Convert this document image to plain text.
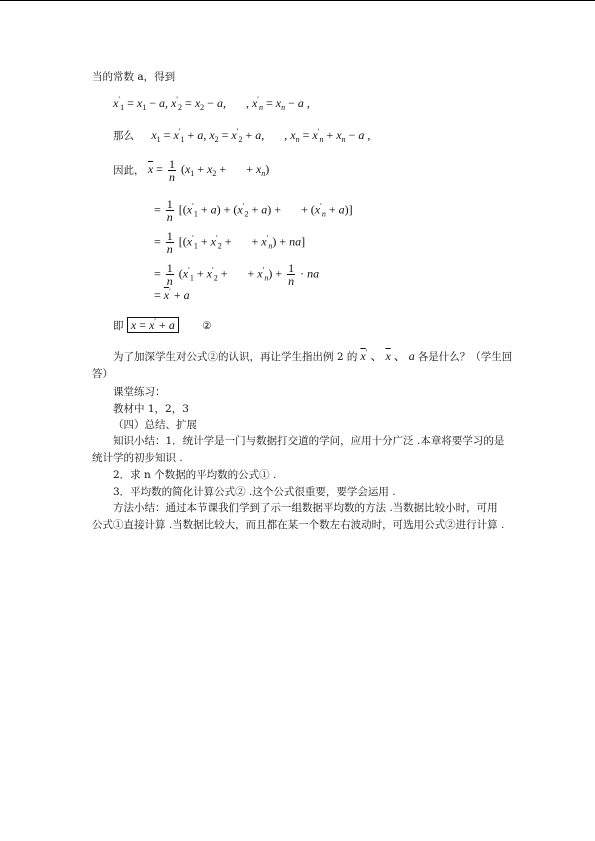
当的常数 a，得到
$x'_1 = x_1 - a$, $x'_2 = x_2 - a$, , $x'_n = x_n - a$ ,
那么 $x_1 = x'_1 + a$, $x_2 = x'_2 + a$, , $x_n = x'_n + x_n - a$ ,
因此， $\overline{x} = \frac{1}{n} (x_1 + x_2$ + + $x_n$)
= $\frac{1}{n} [(x'_1 + a) + (x'_2 + a)$ + + $(x'_n + a)$]
= $\frac{1}{n} [(x'_1 + x'_2$ + + $x'_n) + na$]
= $\frac{1}{n} (x'_1 + x'_2$ + + $x'_n) + \frac{1}{n}$ · na
= $\overline{x}' + a$
即 $\overline{x} = \overline{x}' + a$	②
为了加深学生对公式②的认识，再让学生指出例 2 的 $\overline{x}'$ 、 $\overline{x}$ 、 a 各是什么？（学生回
答）
课堂练习：
教材中 1，2，3
（四）总结、扩展
知识小结：1．统计学是一门与数据打交道的学问，应用十分广泛 .本章将要学习的是
统计学的初步知识 .
2．求 n 个数据的平均数的公式① .
3．平均数的简化计算公式② .这个公式很重要，要学会运用 .
方法小结：通过本节课我们学到了示一组数据平均数的方法 .当数据比较小时，可用
公式①直接计算 .当数据比较大，而且都在某一个数左右波动时，可选用公式②进行计算 .
